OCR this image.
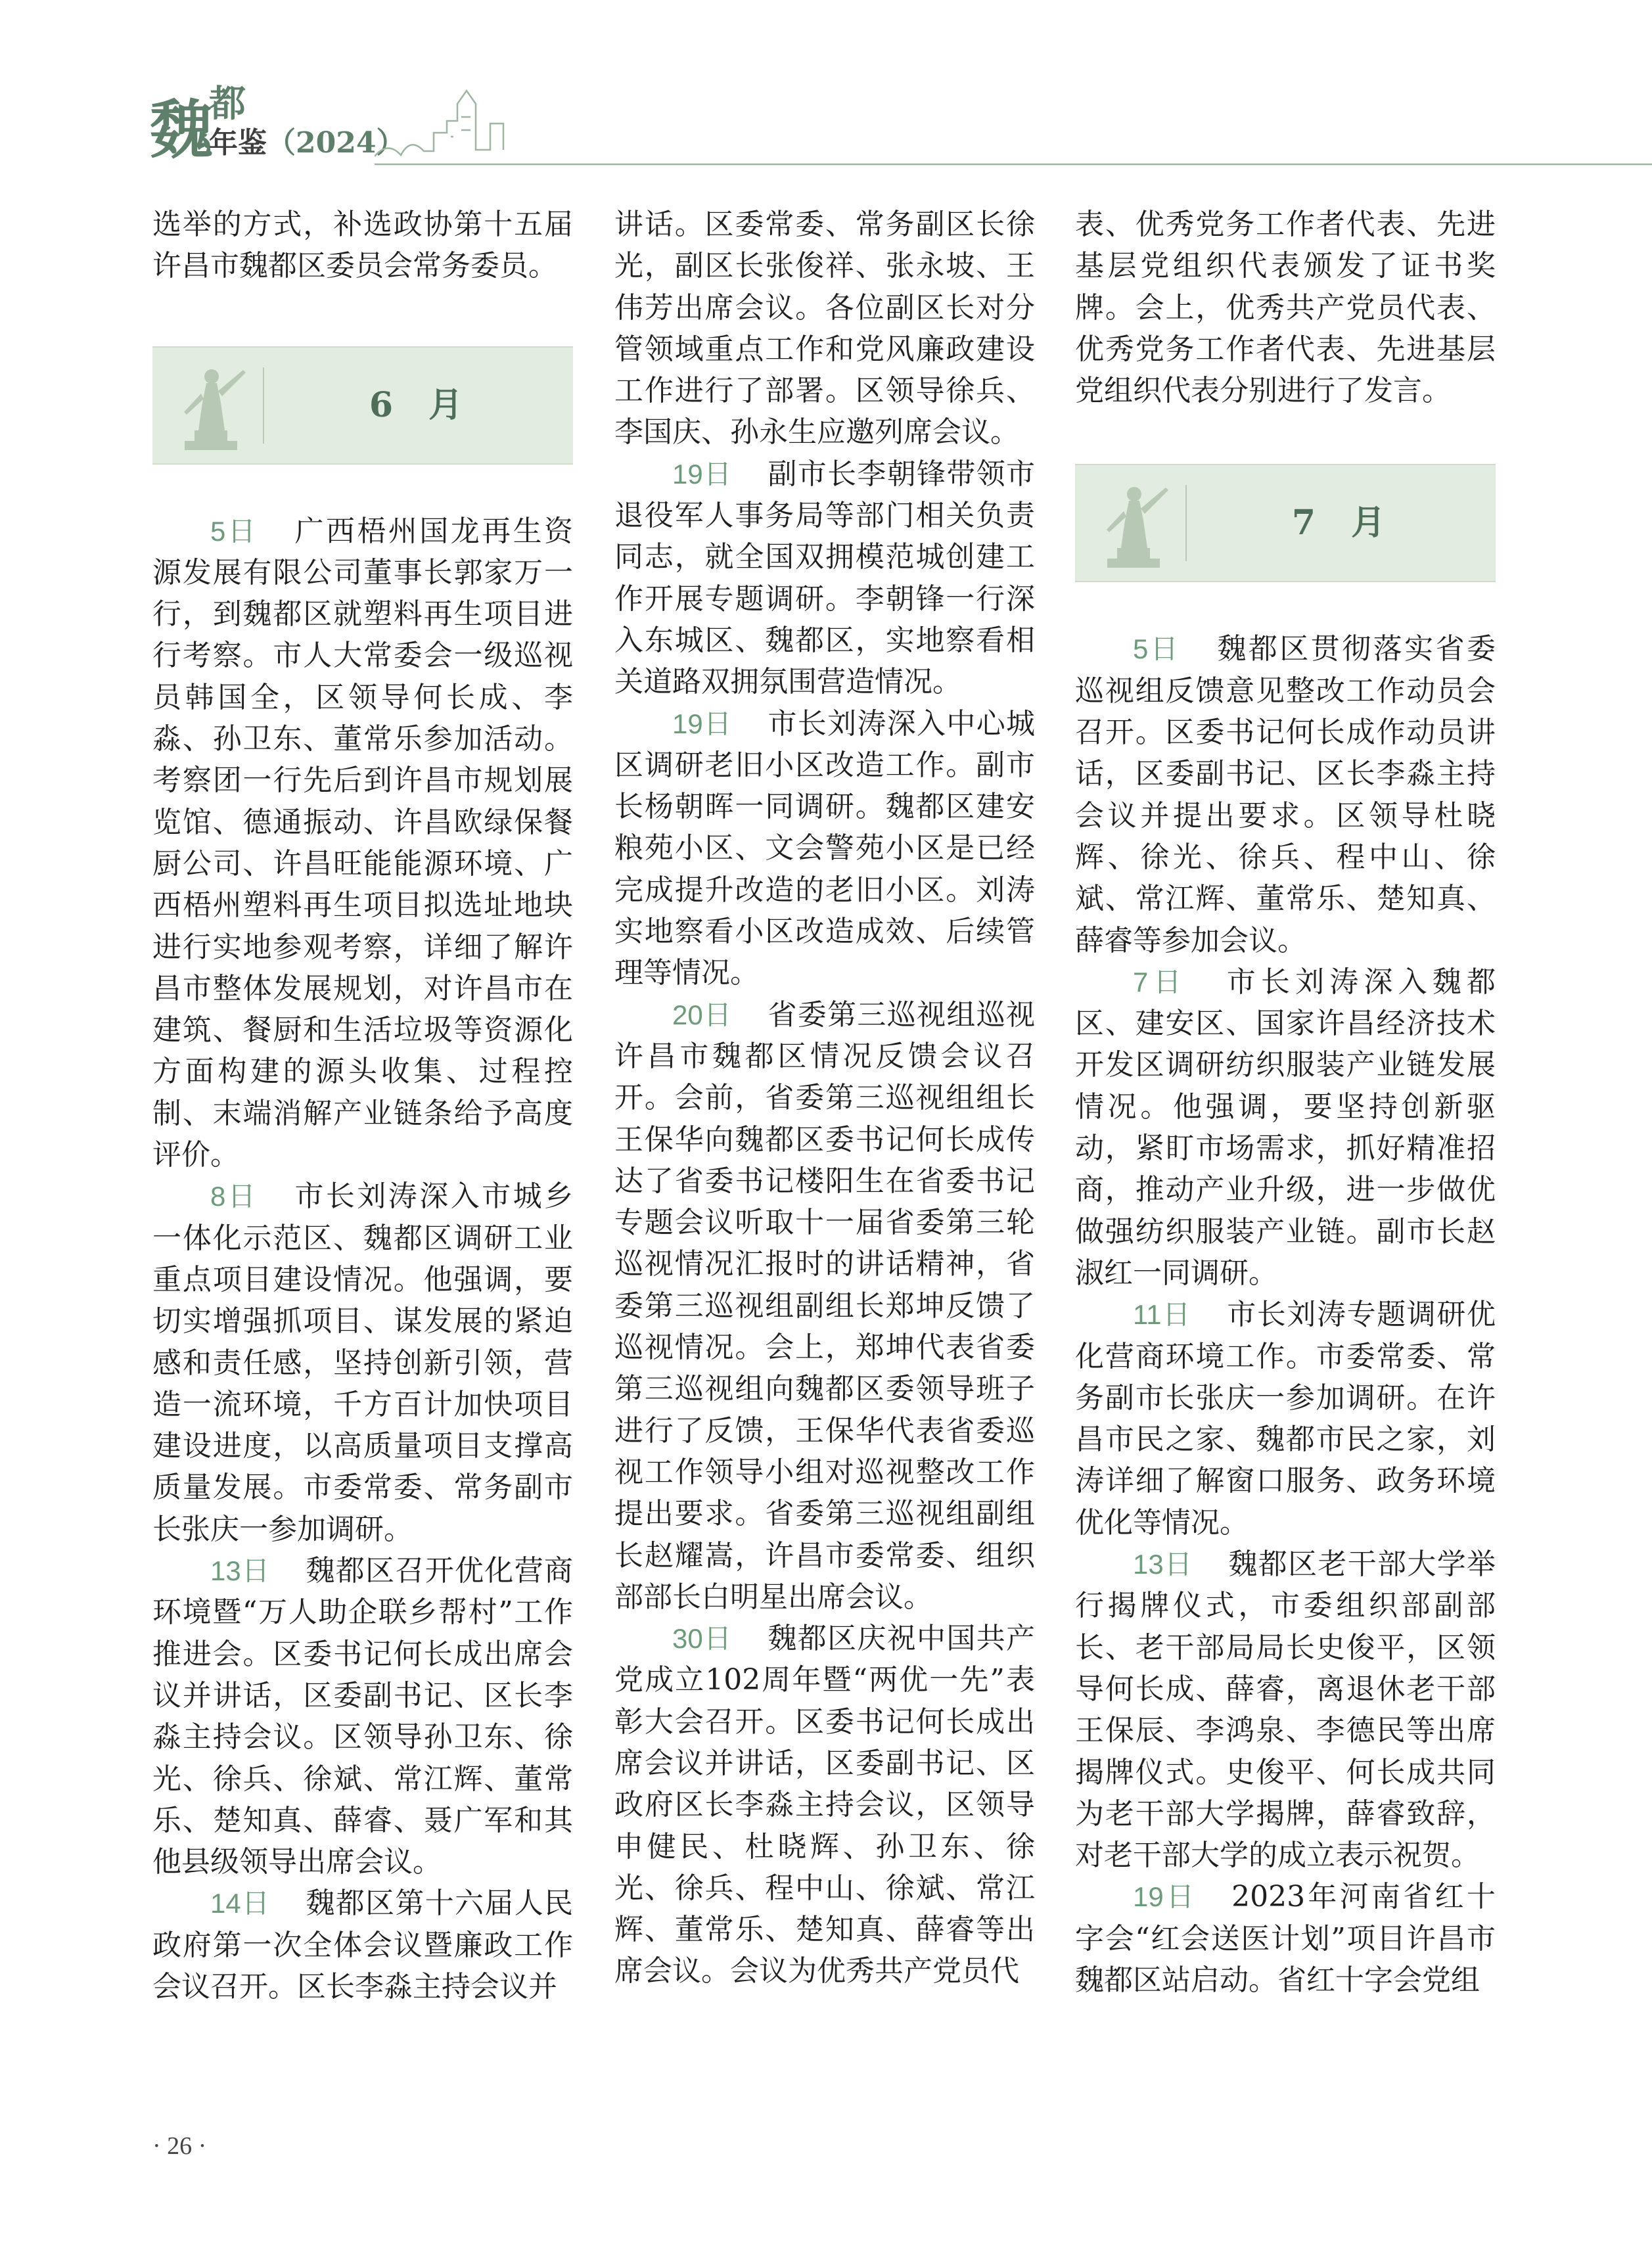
魏
都
年鉴（2024）

选举的方式，补选政协第十五届许昌市魏都区委员会常务委员。

6 月

5日 广西梧州国龙再生资源发展有限公司董事长郭家万一行，到魏都区就塑料再生项目进行考察。市人大常委会一级巡视员韩国全，区领导何长成、李淼、孙卫东、董常乐参加活动。考察团一行先后到许昌市规划展览馆、德通振动、许昌欧绿保餐厨公司、许昌旺能能源环境、广西梧州塑料再生项目拟选址地块进行实地参观考察，详细了解许昌市整体发展规划，对许昌市在建筑、餐厨和生活垃圾等资源化方面构建的源头收集、过程控制、末端消解产业链条给予高度评价。

8日 市长刘涛深入市城乡一体化示范区、魏都区调研工业重点项目建设情况。他强调，要切实增强抓项目、谋发展的紧迫感和责任感，坚持创新引领，营造一流环境，千方百计加快项目建设进度，以高质量项目支撑高质量发展。市委常委、常务副市长张庆一参加调研。

13日 魏都区召开优化营商环境暨“万人助企联乡帮村”工作推进会。区委书记何长成出席会议并讲话，区委副书记、区长李淼主持会议。区领导孙卫东、徐光、徐兵、徐斌、常江辉、董常乐、楚知真、薛睿、聂广军和其他县级领导出席会议。

14日 魏都区第十六届人民政府第一次全体会议暨廉政工作会议召开。区长李淼主持会议并

讲话。区委常委、常务副区长徐光，副区长张俊祥、张永坡、王伟芳出席会议。各位副区长对分管领域重点工作和党风廉政建设工作进行了部署。区领导徐兵、李国庆、孙永生应邀列席会议。

19日 副市长李朝锋带领市退役军人事务局等部门相关负责同志，就全国双拥模范城创建工作开展专题调研。李朝锋一行深入东城区、魏都区，实地察看相关道路双拥氛围营造情况。

19日 市长刘涛深入中心城区调研老旧小区改造工作。副市长杨朝晖一同调研。魏都区建安粮苑小区、文会警苑小区是已经完成提升改造的老旧小区。刘涛实地察看小区改造成效、后续管理等情况。

20日 省委第三巡视组巡视许昌市魏都区情况反馈会议召开。会前，省委第三巡视组组长王保华向魏都区委书记何长成传达了省委书记楼阳生在省委书记专题会议听取十一届省委第三轮巡视情况汇报时的讲话精神，省委第三巡视组副组长郑坤反馈了巡视情况。会上，郑坤代表省委第三巡视组向魏都区委领导班子进行了反馈，王保华代表省委巡视工作领导小组对巡视整改工作提出要求。省委第三巡视组副组长赵耀嵩，许昌市委常委、组织部部长白明星出席会议。

30日 魏都区庆祝中国共产党成立102周年暨“两优一先”表彰大会召开。区委书记何长成出席会议并讲话，区委副书记、区政府区长李淼主持会议，区领导申健民、杜晓辉、孙卫东、徐光、徐兵、程中山、徐斌、常江辉、董常乐、楚知真、薛睿等出席会议。会议为优秀共产党员代

表、优秀党务工作者代表、先进基层党组织代表颁发了证书奖牌。会上，优秀共产党员代表、优秀党务工作者代表、先进基层党组织代表分别进行了发言。

7 月

5日 魏都区贯彻落实省委巡视组反馈意见整改工作动员会召开。区委书记何长成作动员讲话，区委副书记、区长李淼主持会议并提出要求。区领导杜晓辉、徐光、徐兵、程中山、徐斌、常江辉、董常乐、楚知真、薛睿等参加会议。

7日 市长刘涛深入魏都区、建安区、国家许昌经济技术开发区调研纺织服装产业链发展情况。他强调，要坚持创新驱动，紧盯市场需求，抓好精准招商，推动产业升级，进一步做优做强纺织服装产业链。副市长赵淑红一同调研。

11日 市长刘涛专题调研优化营商环境工作。市委常委、常务副市长张庆一参加调研。在许昌市民之家、魏都市民之家，刘涛详细了解窗口服务、政务环境优化等情况。

13日 魏都区老干部大学举行揭牌仪式，市委组织部副部长、老干部局局长史俊平，区领导何长成、薛睿，离退休老干部王保辰、李鸿泉、李德民等出席揭牌仪式。史俊平、何长成共同为老干部大学揭牌，薛睿致辞，对老干部大学的成立表示祝贺。

19日 2023年河南省红十字会“红会送医计划”项目许昌市魏都区站启动。省红十字会党组

· 26 ·
